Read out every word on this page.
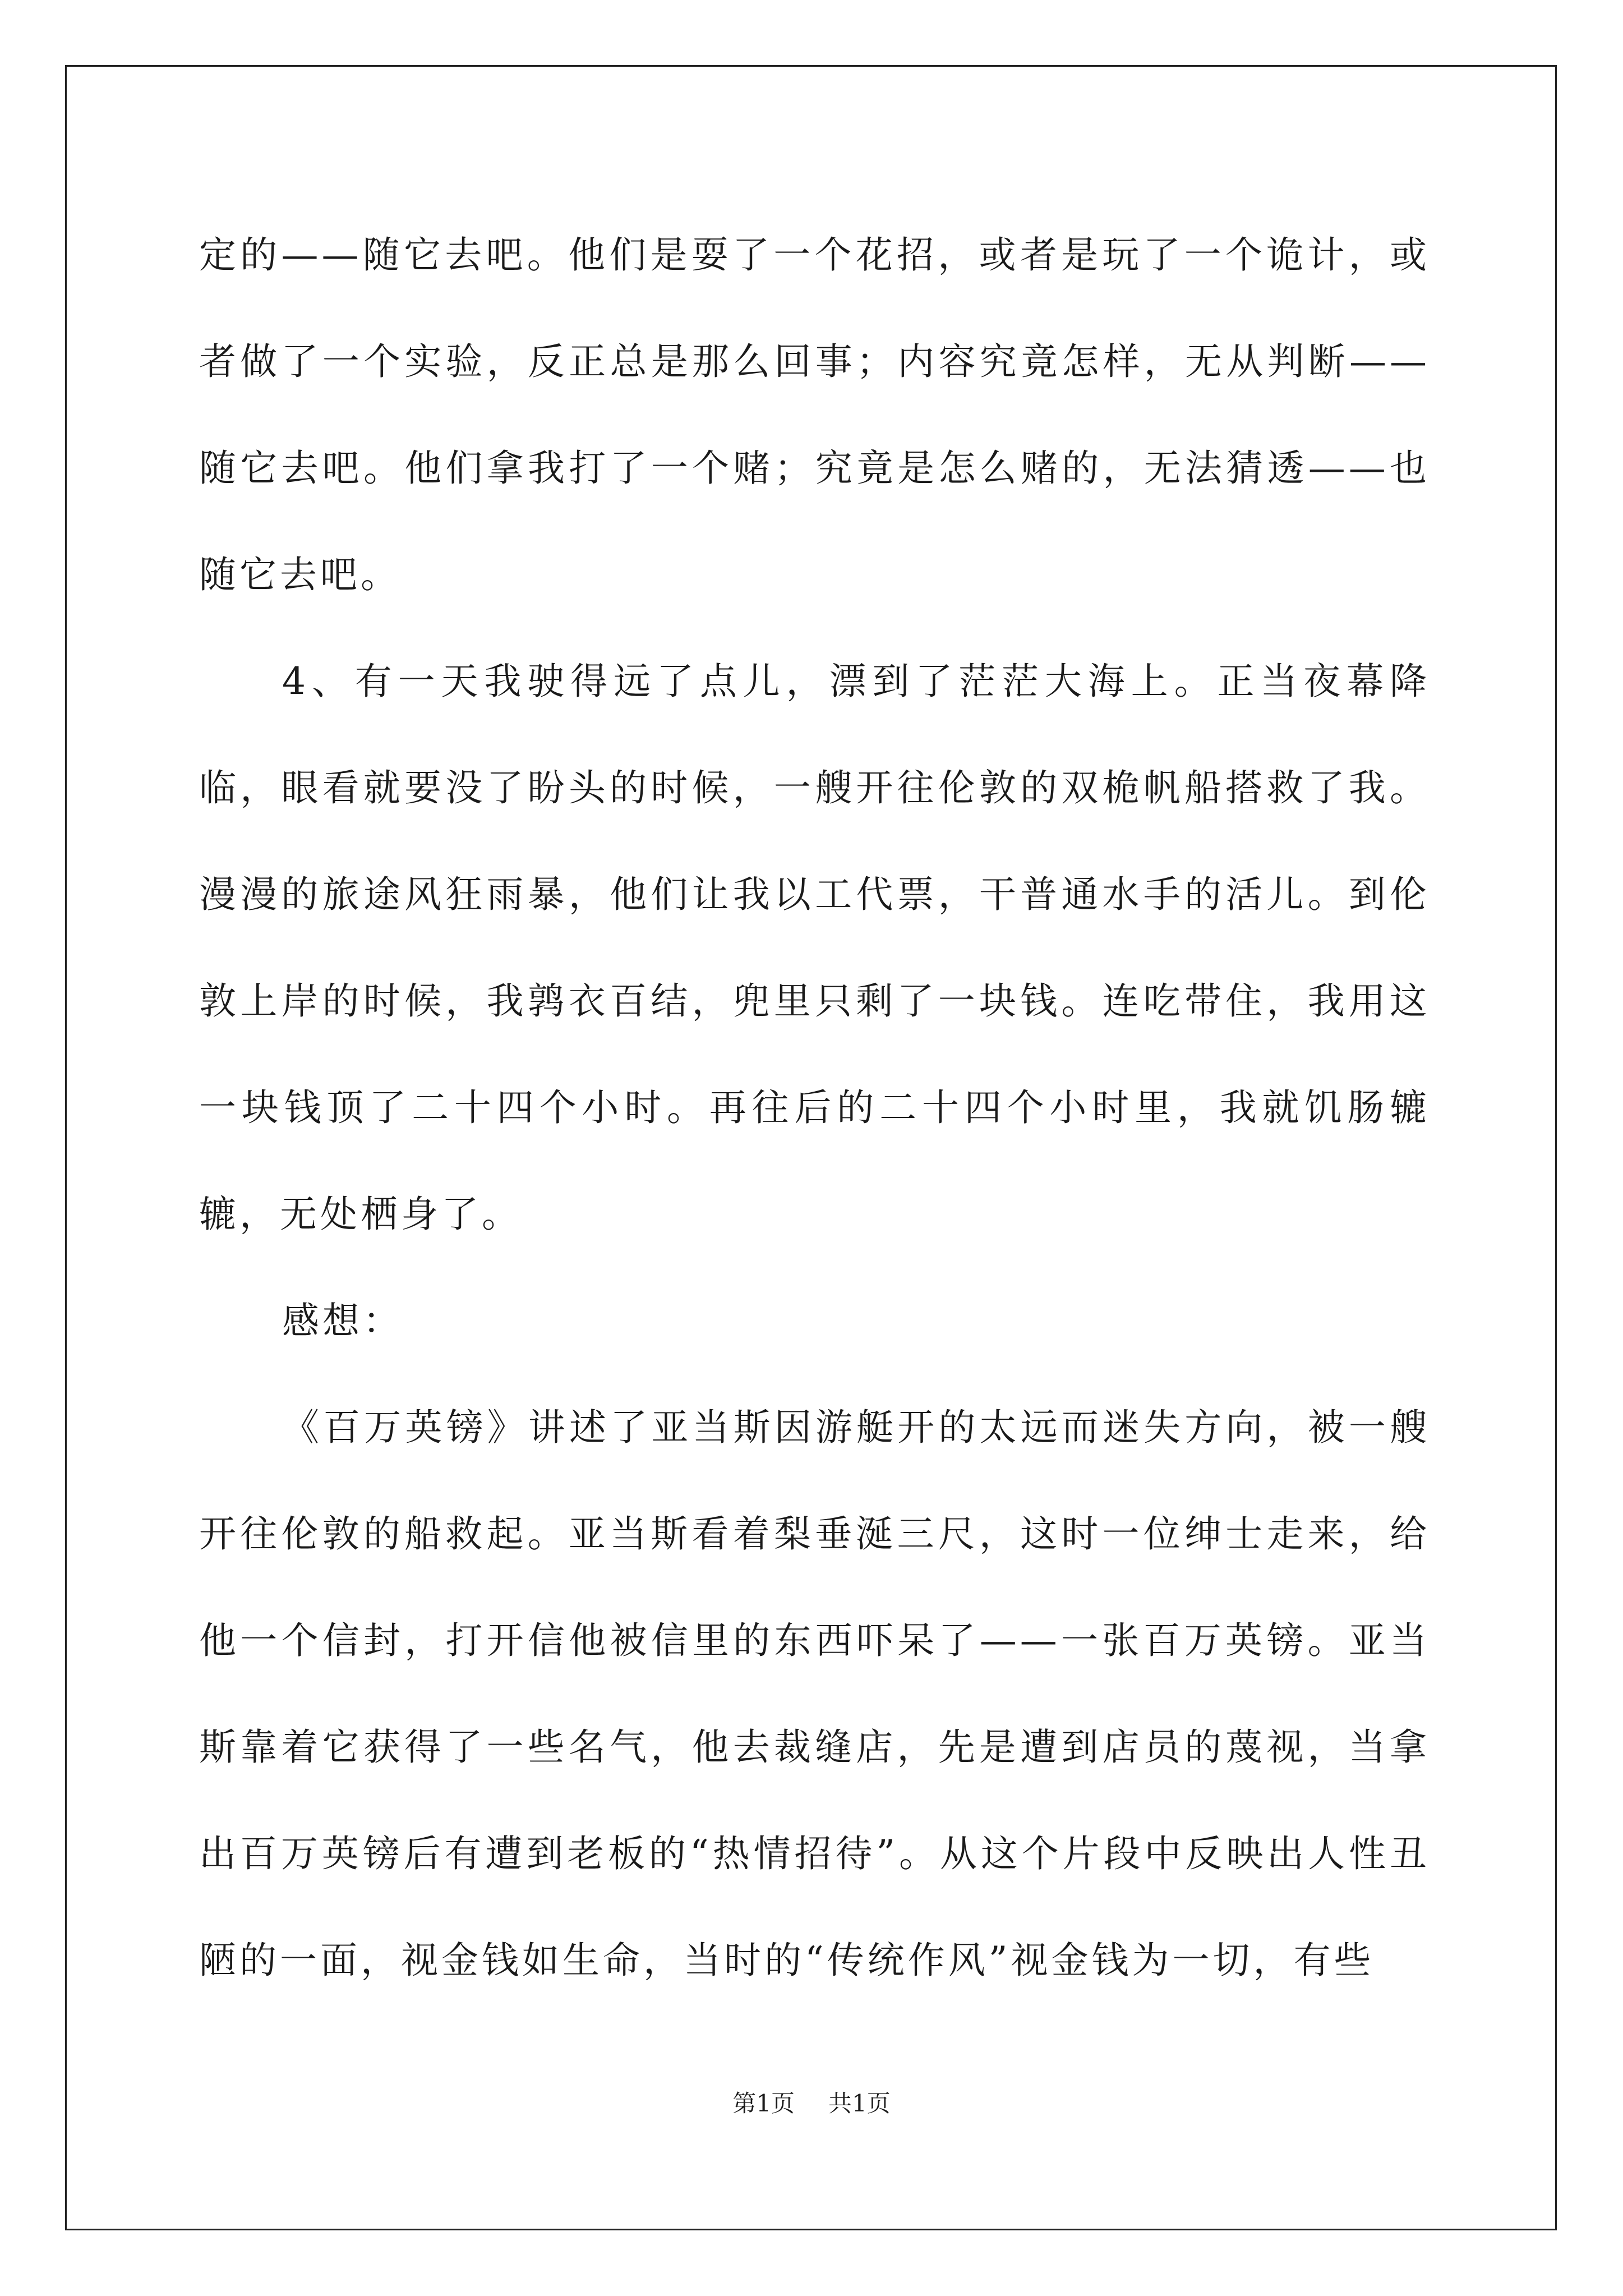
定的——随它去吧。他们是耍了一个花招，或者是玩了一个诡计，或者做了一个实验，反正总是那么回事；内容究竟怎样，无从判断——随它去吧。他们拿我打了一个赌；究竟是怎么赌的，无法猜透——也随它去吧。

4、有一天我驶得远了点儿，漂到了茫茫大海上。正当夜幕降临，眼看就要没了盼头的时候，一艘开往伦敦的双桅帆船搭救了我。漫漫的旅途风狂雨暴，他们让我以工代票，干普通水手的活儿。到伦敦上岸的时候，我鹑衣百结，兜里只剩了一块钱。连吃带住，我用这一块钱顶了二十四个小时。再往后的二十四个小时里，我就饥肠辘辘，无处栖身了。

感想：

《百万英镑》讲述了亚当斯因游艇开的太远而迷失方向，被一艘开往伦敦的船救起。亚当斯看着梨垂涎三尺，这时一位绅士走来，给他一个信封，打开信他被信里的东西吓呆了——一张百万英镑。亚当斯靠着它获得了一些名气，他去裁缝店，先是遭到店员的蔑视，当拿出百万英镑后有遭到老板的“热情招待”。从这个片段中反映出人性丑陋的一面，视金钱如生命，当时的“传统作风”视金钱为一切，有些

第1页 共1页
